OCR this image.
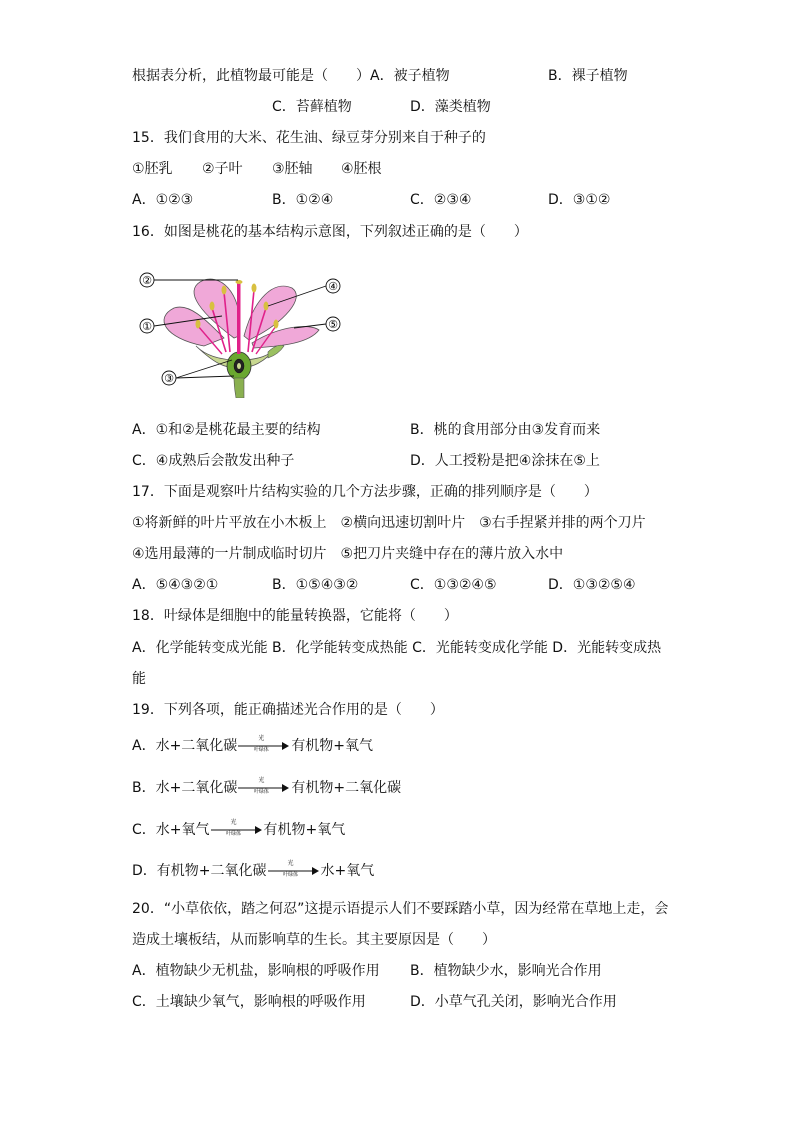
根据表分析，此植物最可能是（　　）A．被子植物	B．裸子植物
C．苔藓植物	D．藻类植物
15．我们食用的大米、花生油、绿豆芽分别来自于种子的
①胚乳 ②子叶 ③胚轴 ④胚根
A．①②③	B．①②④	C．②③④	D．③①②
16．如图是桃花的基本结构示意图，下列叙述正确的是（　　）
②	④
①	⑤
③
A．①和②是桃花最主要的结构	B．桃的食用部分由③发育而来
C．④成熟后会散发出种子	D．人工授粉是把④涂抹在⑤上
17．下面是观察叶片结构实验的几个方法步骤，正确的排列顺序是（　　）
①将新鲜的叶片平放在小木板上　②横向迅速切割叶片　③右手捏紧并排的两个刀片
④选用最薄的一片制成临时切片　⑤把刀片夹缝中存在的薄片放入水中
A．⑤④③②①	B．①⑤④③②	C．①③②④⑤	D．①③②⑤④
18．叶绿体是细胞中的能量转换器，它能将（　　）
A．化学能转变成光能 B．化学能转变成热能 C．光能转变成化学能 D．光能转变成热
能
19．下列各项，能正确描述光合作用的是（　　）
A．水+二氧化碳	光
叶绿体	有机物+氧气
B．水+二氧化碳	光
叶绿体	有机物+二氧化碳
C．水+氧气	光
叶绿体	有机物+氧气
D．有机物+二氧化碳	光
叶绿体	水+氧气
20．“小草依依，踏之何忍”这提示语提示人们不要踩踏小草，因为经常在草地上走，会
造成土壤板结，从而影响草的生长。其主要原因是（　　）
A．植物缺少无机盐，影响根的呼吸作用 B．植物缺少水，影响光合作用
C．土壤缺少氧气，影响根的呼吸作用	D．小草气孔关闭，影响光合作用
